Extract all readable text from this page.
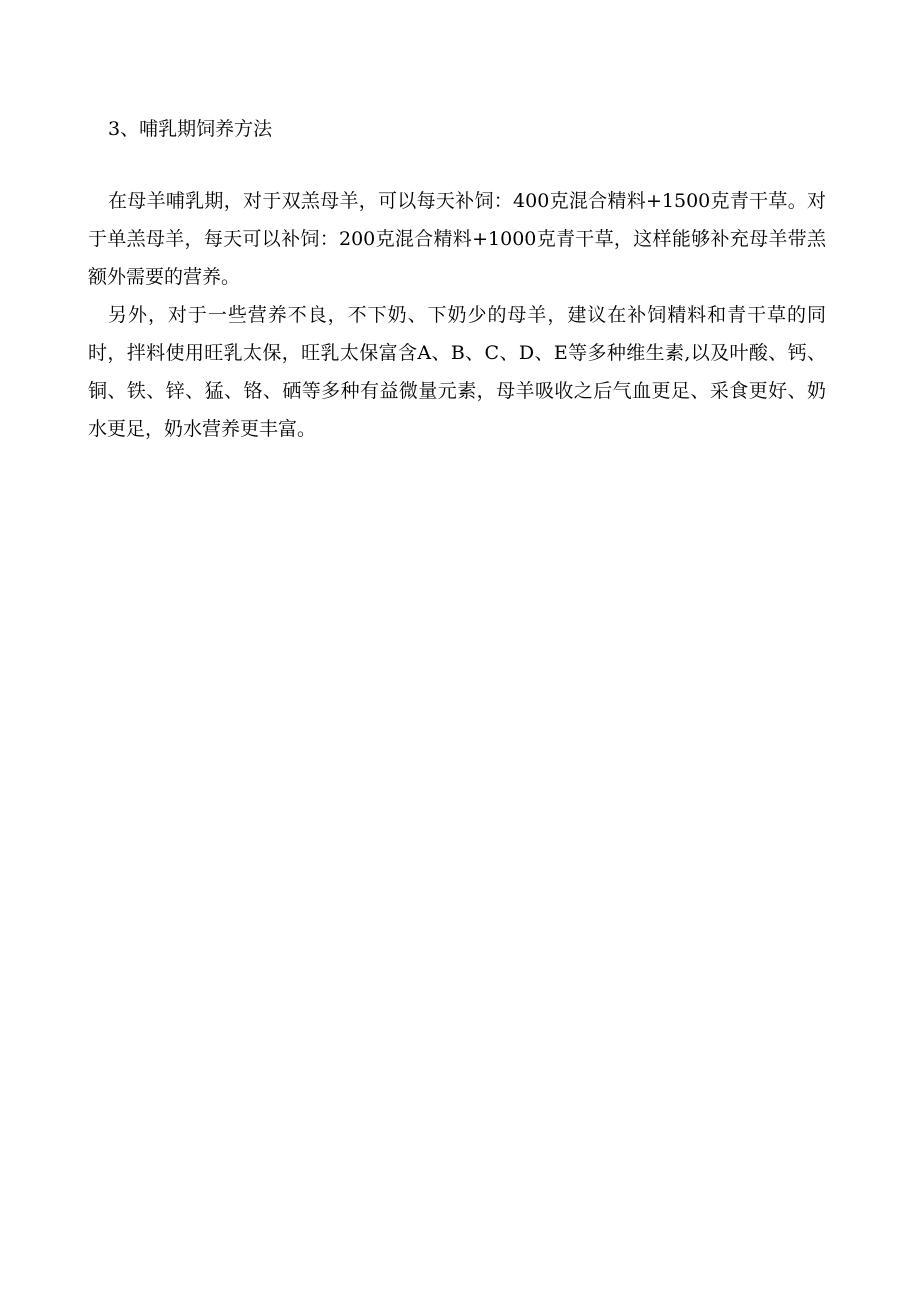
3、哺乳期饲养方法

在母羊哺乳期，对于双羔母羊，可以每天补饲：400克混合精料+1500克青干草。对于单羔母羊，每天可以补饲：200克混合精料+1000克青干草，这样能够补充母羊带羔额外需要的营养。

另外，对于一些营养不良，不下奶、下奶少的母羊，建议在补饲精料和青干草的同时，拌料使用旺乳太保，旺乳太保富含A、B、C、D、E等多种维生素,以及叶酸、钙、铜、铁、锌、猛、铬、硒等多种有益微量元素，母羊吸收之后气血更足、采食更好、奶水更足，奶水营养更丰富。
